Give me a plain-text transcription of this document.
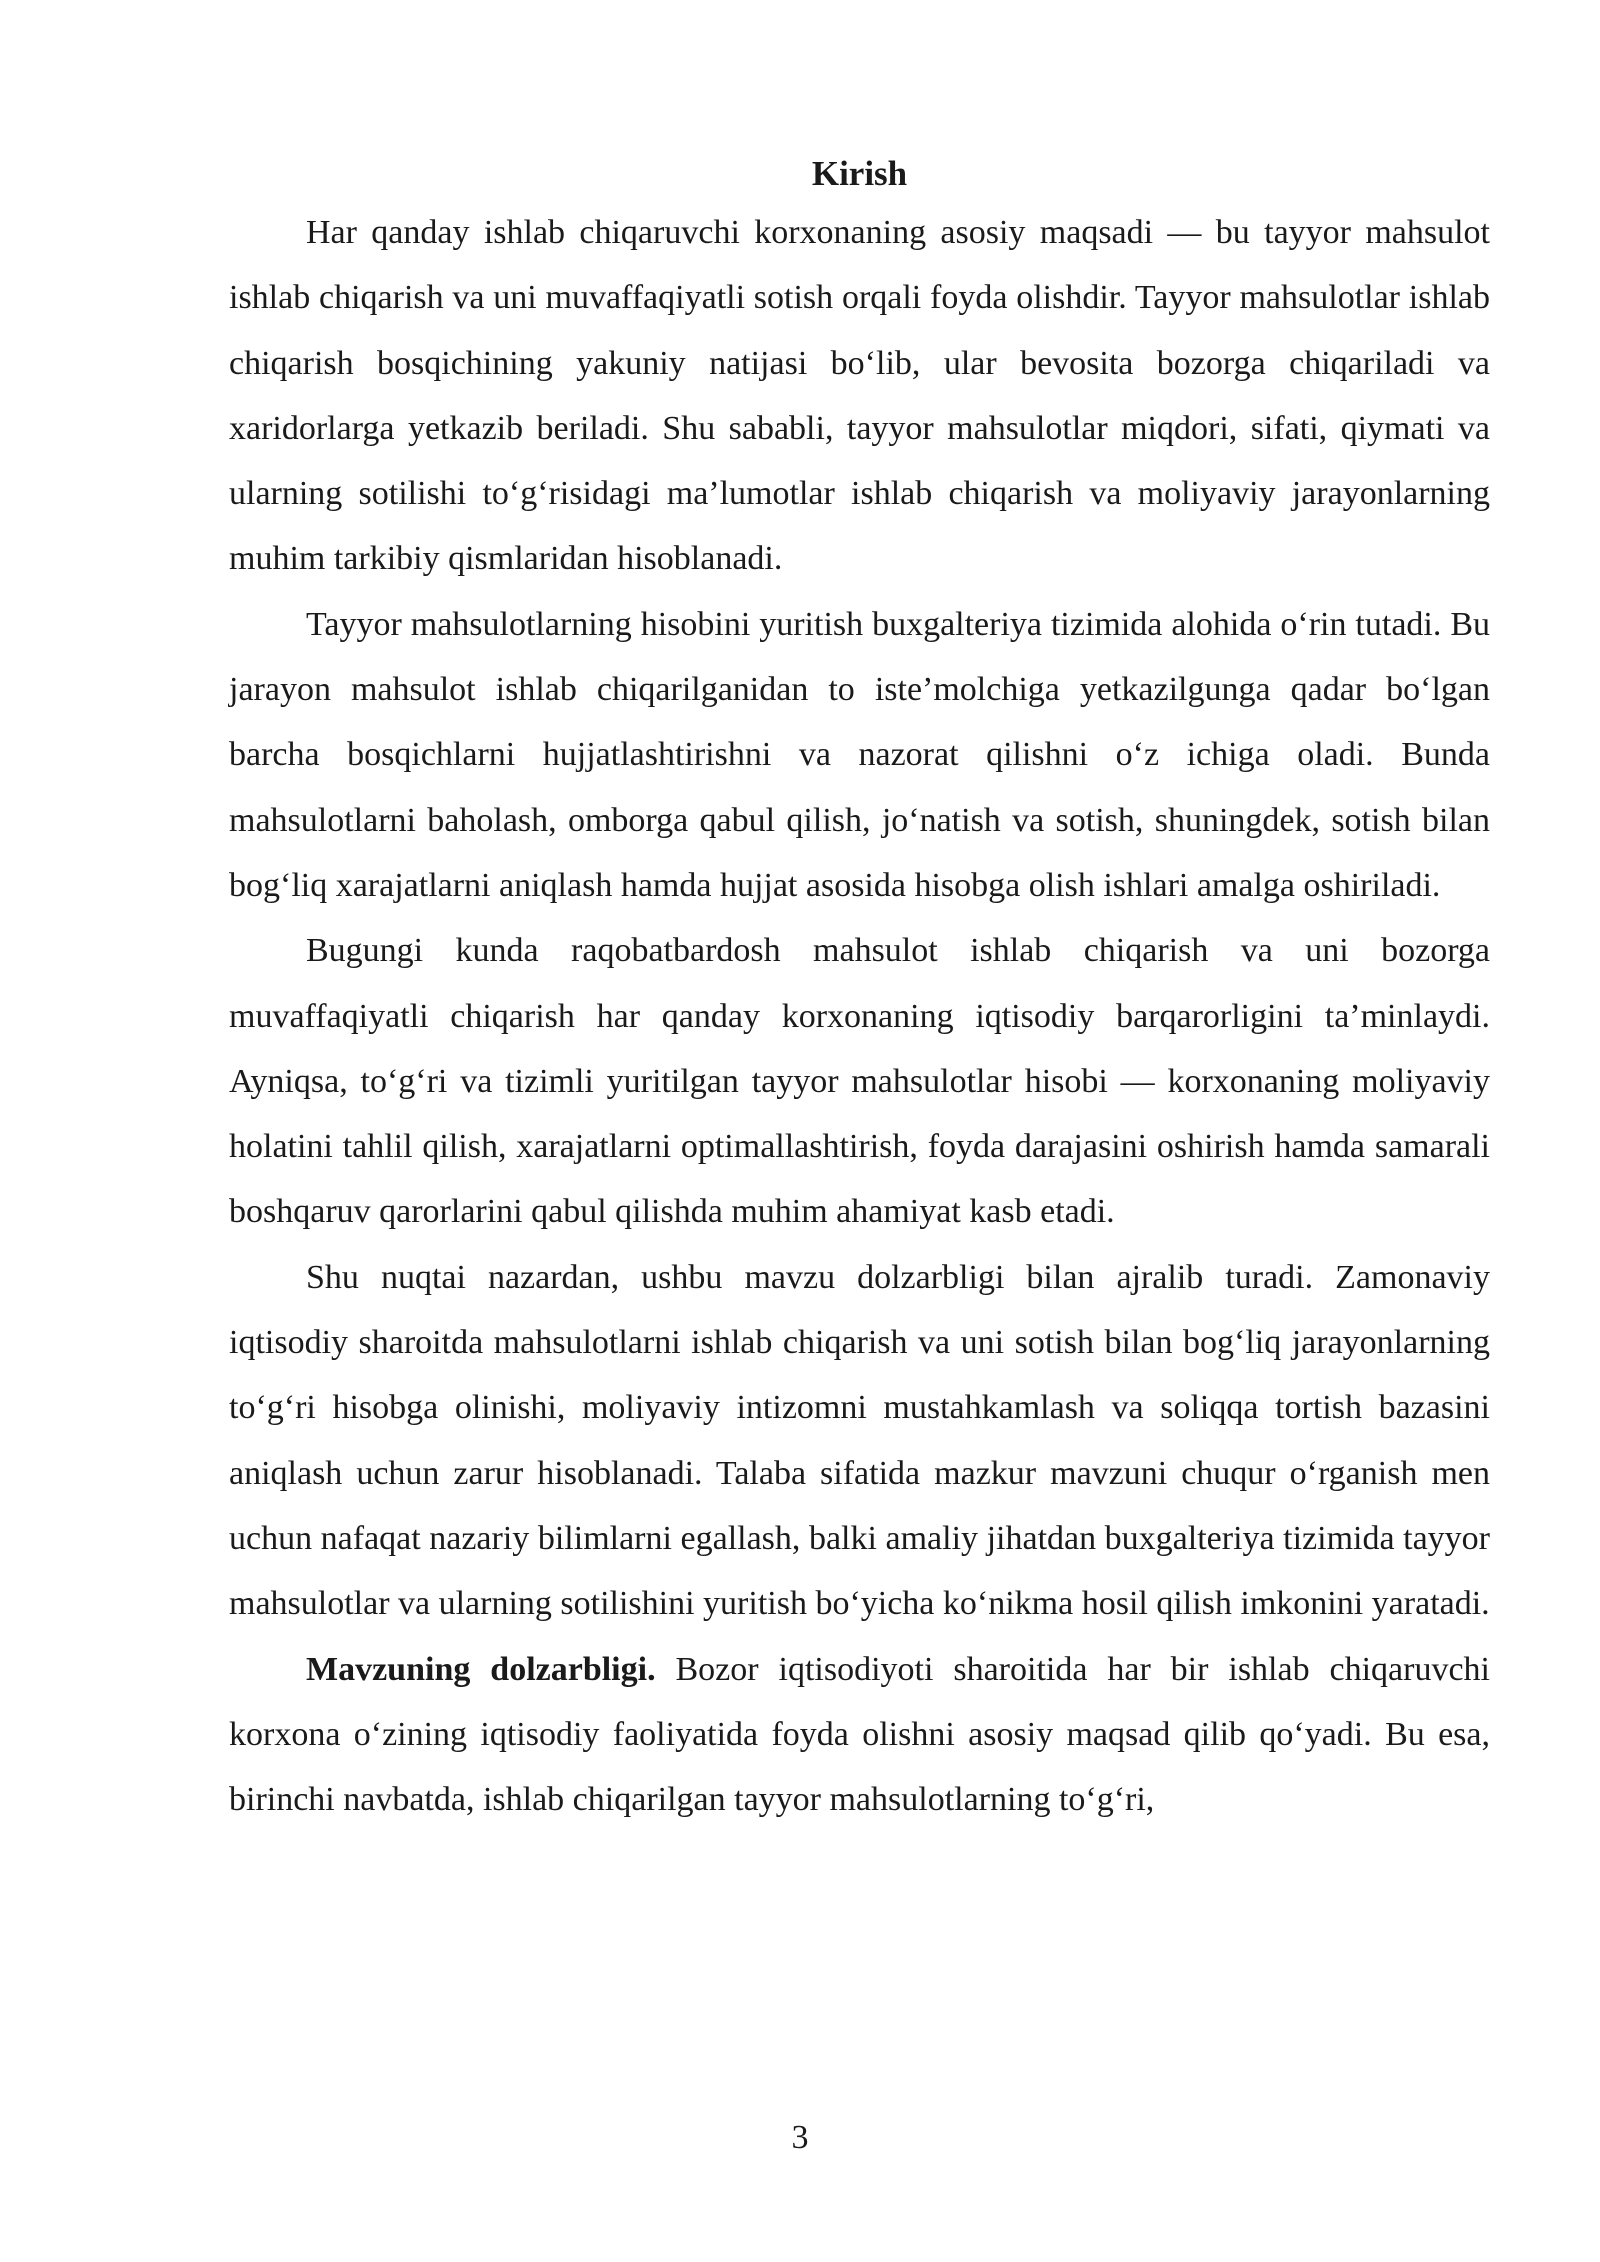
Kirish

Har qanday ishlab chiqaruvchi korxonaning asosiy maqsadi — bu tayyor mahsulot ishlab chiqarish va uni muvaffaqiyatli sotish orqali foyda olishdir. Tayyor mahsulotlar ishlab chiqarish bosqichining yakuniy natijasi bo‘lib, ular bevosita bozorga chiqariladi va xaridorlarga yetkazib beriladi. Shu sababli, tayyor mahsulotlar miqdori, sifati, qiymati va ularning sotilishi to‘g‘risidagi ma’lumotlar ishlab chiqarish va moliyaviy jarayonlarning muhim tarkibiy qismlaridan hisoblanadi.

Tayyor mahsulotlarning hisobini yuritish buxgalteriya tizimida alohida o‘rin tutadi. Bu jarayon mahsulot ishlab chiqarilganidan to iste’molchiga yetkazilgunga qadar bo‘lgan barcha bosqichlarni hujjatlashtirishni va nazorat qilishni o‘z ichiga oladi. Bunda mahsulotlarni baholash, omborga qabul qilish, jo‘natish va sotish, shuningdek, sotish bilan bog‘liq xarajatlarni aniqlash hamda hujjat asosida hisobga olish ishlari amalga oshiriladi.

Bugungi kunda raqobatbardosh mahsulot ishlab chiqarish va uni bozorga muvaffaqiyatli chiqarish har qanday korxonaning iqtisodiy barqarorligini ta’minlaydi. Ayniqsa, to‘g‘ri va tizimli yuritilgan tayyor mahsulotlar hisobi — korxonaning moliyaviy holatini tahlil qilish, xarajatlarni optimallashtirish, foyda darajasini oshirish hamda samarali boshqaruv qarorlarini qabul qilishda muhim ahamiyat kasb etadi.

Shu nuqtai nazardan, ushbu mavzu dolzarbligi bilan ajralib turadi. Zamonaviy iqtisodiy sharoitda mahsulotlarni ishlab chiqarish va uni sotish bilan bog‘liq jarayonlarning to‘g‘ri hisobga olinishi, moliyaviy intizomni mustahkamlash va soliqqa tortish bazasini aniqlash uchun zarur hisoblanadi. Talaba sifatida mazkur mavzuni chuqur o‘rganish men uchun nafaqat nazariy bilimlarni egallash, balki amaliy jihatdan buxgalteriya tizimida tayyor mahsulotlar va ularning sotilishini yuritish bo‘yicha ko‘nikma hosil qilish imkonini yaratadi.

Mavzuning dolzarbligi. Bozor iqtisodiyoti sharoitida har bir ishlab chiqaruvchi korxona o‘zining iqtisodiy faoliyatida foyda olishni asosiy maqsad qilib qo‘yadi. Bu esa, birinchi navbatda, ishlab chiqarilgan tayyor mahsulotlarning to‘g‘ri,

3
